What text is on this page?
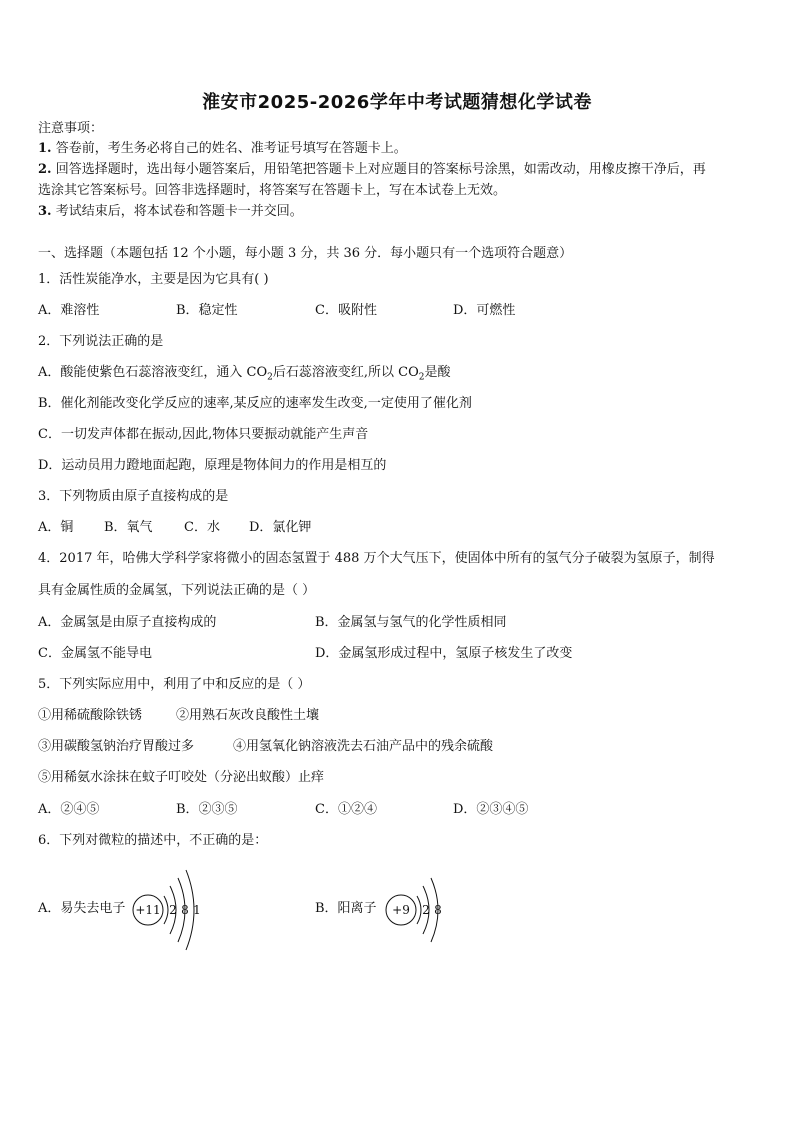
淮安市2025-2026学年中考试题猜想化学试卷
注意事项：
1. 答卷前，考生务必将自己的姓名、准考证号填写在答题卡上。
2. 回答选择题时，选出每小题答案后，用铅笔把答题卡上对应题目的答案标号涂黑，如需改动，用橡皮擦干净后，再
选涂其它答案标号。回答非选择题时，将答案写在答题卡上，写在本试卷上无效。
3. 考试结束后，将本试卷和答题卡一并交回。
一、选择题（本题包括 12 个小题，每小题 3 分，共 36 分．每小题只有一个选项符合题意）
1．活性炭能净水，主要是因为它具有( )
A．难溶性	B．稳定性	C．吸附性	D．可燃性
2．下列说法正确的是
A．酸能使紫色石蕊溶液变红，通入 $CO_2$后石蕊溶液变红,所以 $CO_2$是酸
B．催化剂能改变化学反应的速率,某反应的速率发生改变,一定使用了催化剂
C．一切发声体都在振动,因此,物体只要振动就能产生声音
D．运动员用力蹬地面起跑，原理是物体间力的作用是相互的
3．下列物质由原子直接构成的是
A．铜 B．氧气 C．水 D．氯化钾
4．2017 年，哈佛大学科学家将微小的固态氢置于 488 万个大气压下，使固体中所有的氢气分子破裂为氢原子，制得
具有金属性质的金属氢，下列说法正确的是（ ）
A．金属氢是由原子直接构成的	B．金属氢与氢气的化学性质相同
C．金属氢不能导电	D．金属氢形成过程中，氢原子核发生了改变
5．下列实际应用中，利用了中和反应的是（ ）
①用稀硫酸除铁锈	②用熟石灰改良酸性土壤
③用碳酸氢钠治疗胃酸过多	④用氢氧化钠溶液洗去石油产品中的残余硫酸
⑤用稀氨水涂抹在蚊子叮咬处（分泌出蚁酸）止痒
A．②④⑤	B．②③⑤	C．①②④	D．②③④⑤
6．下列对微粒的描述中，不正确的是：
A．易失去电子 +11 2 8 1	B．阳离子 +9 2 8
